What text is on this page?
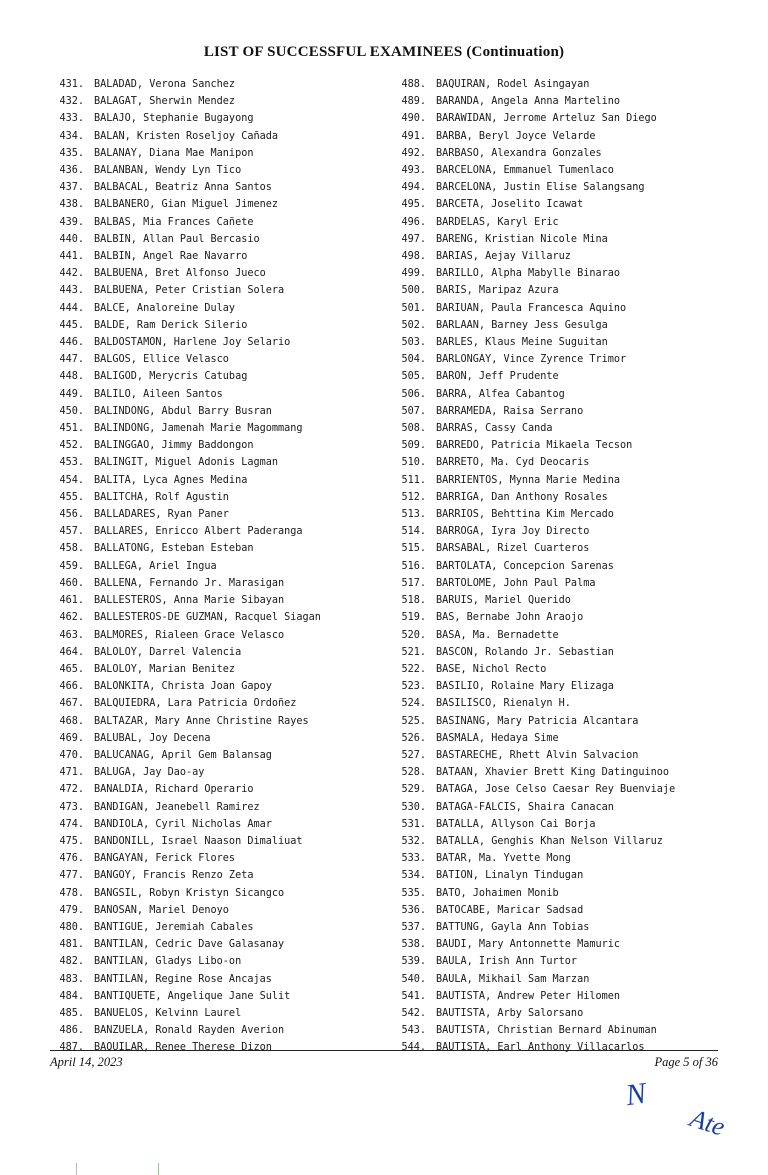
LIST OF SUCCESSFUL EXAMINEES (Continuation)
431. BALADAD, Verona Sanchez
432. BALAGAT, Sherwin Mendez
433. BALAJO, Stephanie Bugayong
434. BALAN, Kristen Roseljoy Cañada
435. BALANAY, Diana Mae Manipon
436. BALANBAN, Wendy Lyn Tico
437. BALBACAL, Beatriz Anna Santos
438. BALBANERO, Gian Miguel Jimenez
439. BALBAS, Mia Frances Cañete
440. BALBIN, Allan Paul Bercasio
441. BALBIN, Angel Rae Navarro
442. BALBUENA, Bret Alfonso Jueco
443. BALBUENA, Peter Cristian Solera
444. BALCE, Analoreine Dulay
445. BALDE, Ram Derick Silerio
446. BALDOSTAMON, Harlene Joy Selario
447. BALGOS, Ellice Velasco
448. BALIGOD, Merycris Catubag
449. BALILO, Aileen Santos
450. BALINDONG, Abdul Barry Busran
451. BALINDONG, Jamenah Marie Magommang
452. BALINGGAO, Jimmy Baddongon
453. BALINGIT, Miguel Adonis Lagman
454. BALITA, Lyca Agnes Medina
455. BALITCHA, Rolf Agustin
456. BALLADARES, Ryan Paner
457. BALLARES, Enricco Albert Paderanga
458. BALLATONG, Esteban Esteban
459. BALLEGA, Ariel Ingua
460. BALLENA, Fernando Jr. Marasigan
461. BALLESTEROS, Anna Marie Sibayan
462. BALLESTEROS-DE GUZMAN, Racquel Siagan
463. BALMORES, Rialeen Grace Velasco
464. BALOLOY, Darrel Valencia
465. BALOLOY, Marian Benitez
466. BALONKITA, Christa Joan Gapoy
467. BALQUIEDRA, Lara Patricia Ordoñez
468. BALTAZAR, Mary Anne Christine Rayes
469. BALUBAL, Joy Decena
470. BALUCANAG, April Gem Balansag
471. BALUGA, Jay Dao-ay
472. BANALDIA, Richard Operario
473. BANDIGAN, Jeanebell Ramirez
474. BANDIOLA, Cyril Nicholas Amar
475. BANDONILL, Israel Naason Dimaliuat
476. BANGAYAN, Ferick Flores
477. BANGOY, Francis Renzo Zeta
478. BANGSIL, Robyn Kristyn Sicangco
479. BANOSAN, Mariel Denoyo
480. BANTIGUE, Jeremiah Cabales
481. BANTILAN, Cedric Dave Galasanay
482. BANTILAN, Gladys Libo-on
483. BANTILAN, Regine Rose Ancajas
484. BANTIQUETE, Angelique Jane Sulit
485. BANUELOS, Kelvinn Laurel
486. BANZUELA, Ronald Rayden Averion
487. BAQUILAR, Renee Therese Dizon
488. BAQUIRAN, Rodel Asingayan
489. BARANDA, Angela Anna Martelino
490. BARAWIDAN, Jerrome Arteluz San Diego
491. BARBA, Beryl Joyce Velarde
492. BARBASO, Alexandra Gonzales
493. BARCELONA, Emmanuel Tumenlaco
494. BARCELONA, Justin Elise Salangsang
495. BARCETA, Joselito Icawat
496. BARDELAS, Karyl Eric
497. BARENG, Kristian Nicole Mina
498. BARIAS, Aejay Villaruz
499. BARILLO, Alpha Mabylle Binarao
500. BARIS, Maripaz Azura
501. BARIUAN, Paula Francesca Aquino
502. BARLAAN, Barney Jess Gesulga
503. BARLES, Klaus Meine Suguitan
504. BARLONGAY, Vince Zyrence Trimor
505. BARON, Jeff Prudente
506. BARRA, Alfea Cabantog
507. BARRAMEDA, Raisa Serrano
508. BARRAS, Cassy Canda
509. BARREDO, Patricia Mikaela Tecson
510. BARRETO, Ma. Cyd Deocaris
511. BARRIENTOS, Mynna Marie Medina
512. BARRIGA, Dan Anthony Rosales
513. BARRIOS, Behttina Kim Mercado
514. BARROGA, Iyra Joy Directo
515. BARSABAL, Rizel Cuarteros
516. BARTOLATA, Concepcion Sarenas
517. BARTOLOME, John Paul Palma
518. BARUIS, Mariel Querido
519. BAS, Bernabe John Araojo
520. BASA, Ma. Bernadette
521. BASCON, Rolando Jr. Sebastian
522. BASE, Nichol Recto
523. BASILIO, Rolaine Mary Elizaga
524. BASILISCO, Rienalyn H.
525. BASINANG, Mary Patricia Alcantara
526. BASMALA, Hedaya Sime
527. BASTARECHE, Rhett Alvin Salvacion
528. BATAAN, Xhavier Brett King Datinguinoo
529. BATAGA, Jose Celso Caesar Rey Buenviaje
530. BATAGA-FALCIS, Shaira Canacan
531. BATALLA, Allyson Cai Borja
532. BATALLA, Genghis Khan Nelson Villaruz
533. BATAR, Ma. Yvette Mong
534. BATION, Linalyn Tindugan
535. BATO, Johaimen Monib
536. BATOCABE, Maricar Sadsad
537. BATTUNG, Gayla Ann Tobias
538. BAUDI, Mary Antonnette Mamuric
539. BAULA, Irish Ann Turtor
540. BAULA, Mikhail Sam Marzan
541. BAUTISTA, Andrew Peter Hilomen
542. BAUTISTA, Arby Salorsano
543. BAUTISTA, Christian Bernard Abinuman
544. BAUTISTA, Earl Anthony Villacarlos
April 14, 2023	Page 5 of 36
N
Ate
